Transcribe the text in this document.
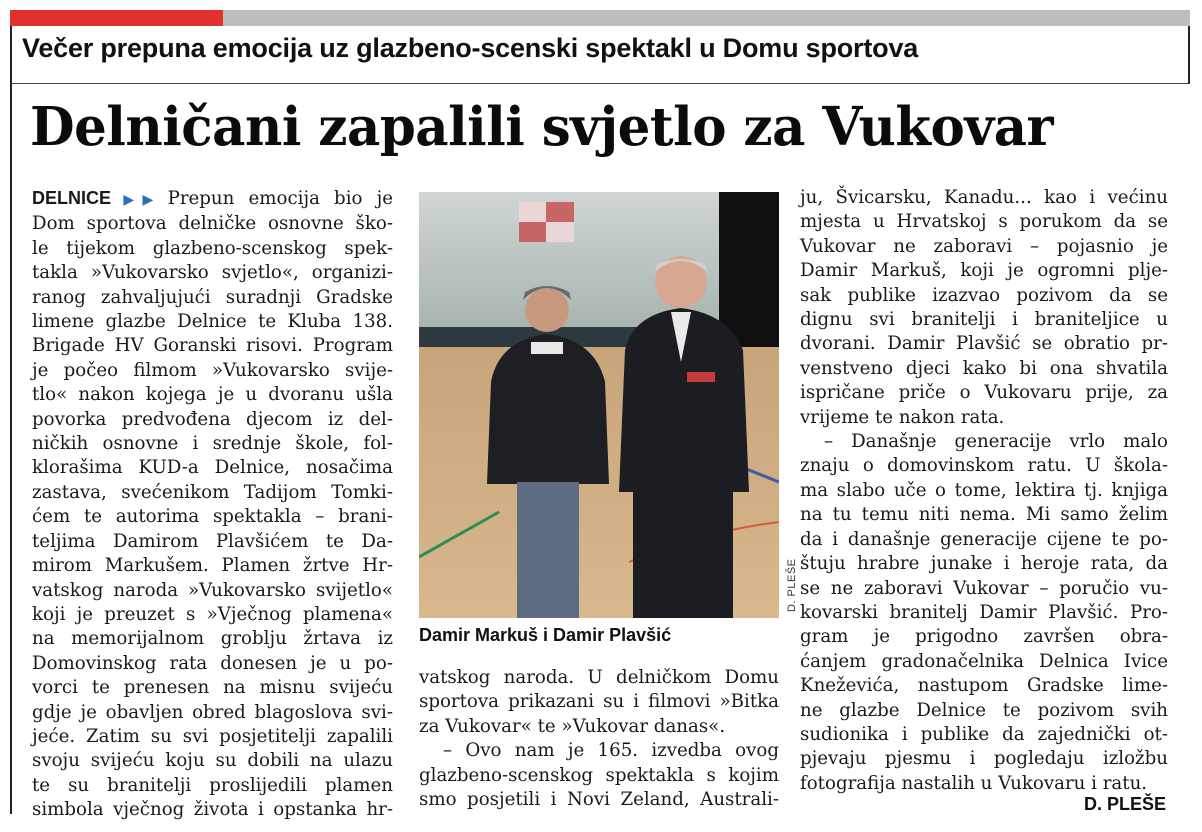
Večer prepuna emocija uz glazbeno-scenski spektakl u Domu sportova
Delničani zapalili svjetlo za Vukovar
DELNICE ▶▶ Prepun emocija bio je
Dom sportova delničke osnovne ško-
le tijekom glazbeno-scenskog spek-
takla »Vukovarsko svjetlo«, organizi-
ranog zahvaljujući suradnji Gradske
limene glazbe Delnice te Kluba 138.
Brigade HV Goranski risovi. Program
je počeo filmom »Vukovarsko svije-
tlo« nakon kojega je u dvoranu ušla
povorka predvođena djecom iz del-
ničkih osnovne i srednje škole, fol-
klorašima KUD-a Delnice, nosačima
zastava, svećenikom Tadijom Tomki-
ćem te autorima spektakla – brani-
teljima Damirom Plavšićem te Da-
mirom Markušem. Plamen žrtve Hr-
vatskog naroda »Vukovarsko svijetlo«
koji je preuzet s »Vječnog plamena«
na memorijalnom groblju žrtava iz
Domovinskog rata donesen je u po-
vorci te prenesen na misnu svijeću
gdje je obavljen obred blagoslova svi-
jeće. Zatim su svi posjetitelji zapalili
svoju svijeću koju su dobili na ulazu
te su branitelji proslijedili plamen
simbola vječnog života i opstanka hr-
Damir Markuš i Damir Plavšić
D. PLEŠE
vatskog naroda. U delničkom Domu
sportova prikazani su i filmovi »Bitka
za Vukovar« te »Vukovar danas«.
– Ovo nam je 165. izvedba ovog
glazbeno-scenskog spektakla s kojim
smo posjetili i Novi Zeland, Australi-
ju, Švicarsku, Kanadu... kao i većinu
mjesta u Hrvatskoj s porukom da se
Vukovar ne zaboravi – pojasnio je
Damir Markuš, koji je ogromni plje-
sak publike izazvao pozivom da se
dignu svi branitelji i braniteljice u
dvorani. Damir Plavšić se obratio pr-
venstveno djeci kako bi ona shvatila
ispričane priče o Vukovaru prije, za
vrijeme te nakon rata.
– Današnje generacije vrlo malo
znaju o domovinskom ratu. U škola-
ma slabo uče o tome, lektira tj. knjiga
na tu temu niti nema. Mi samo želim
da i današnje generacije cijene te po-
štuju hrabre junake i heroje rata, da
se ne zaboravi Vukovar – poručio vu-
kovarski branitelj Damir Plavšić. Pro-
gram je prigodno završen obra-
ćanjem gradonačelnika Delnica Ivice
Kneževića, nastupom Gradske lime-
ne glazbe Delnice te pozivom svih
sudionika i publike da zajednički ot-
pjevaju pjesmu i pogledaju izložbu
fotografija nastalih u Vukovaru i ratu.
D. PLEŠE
